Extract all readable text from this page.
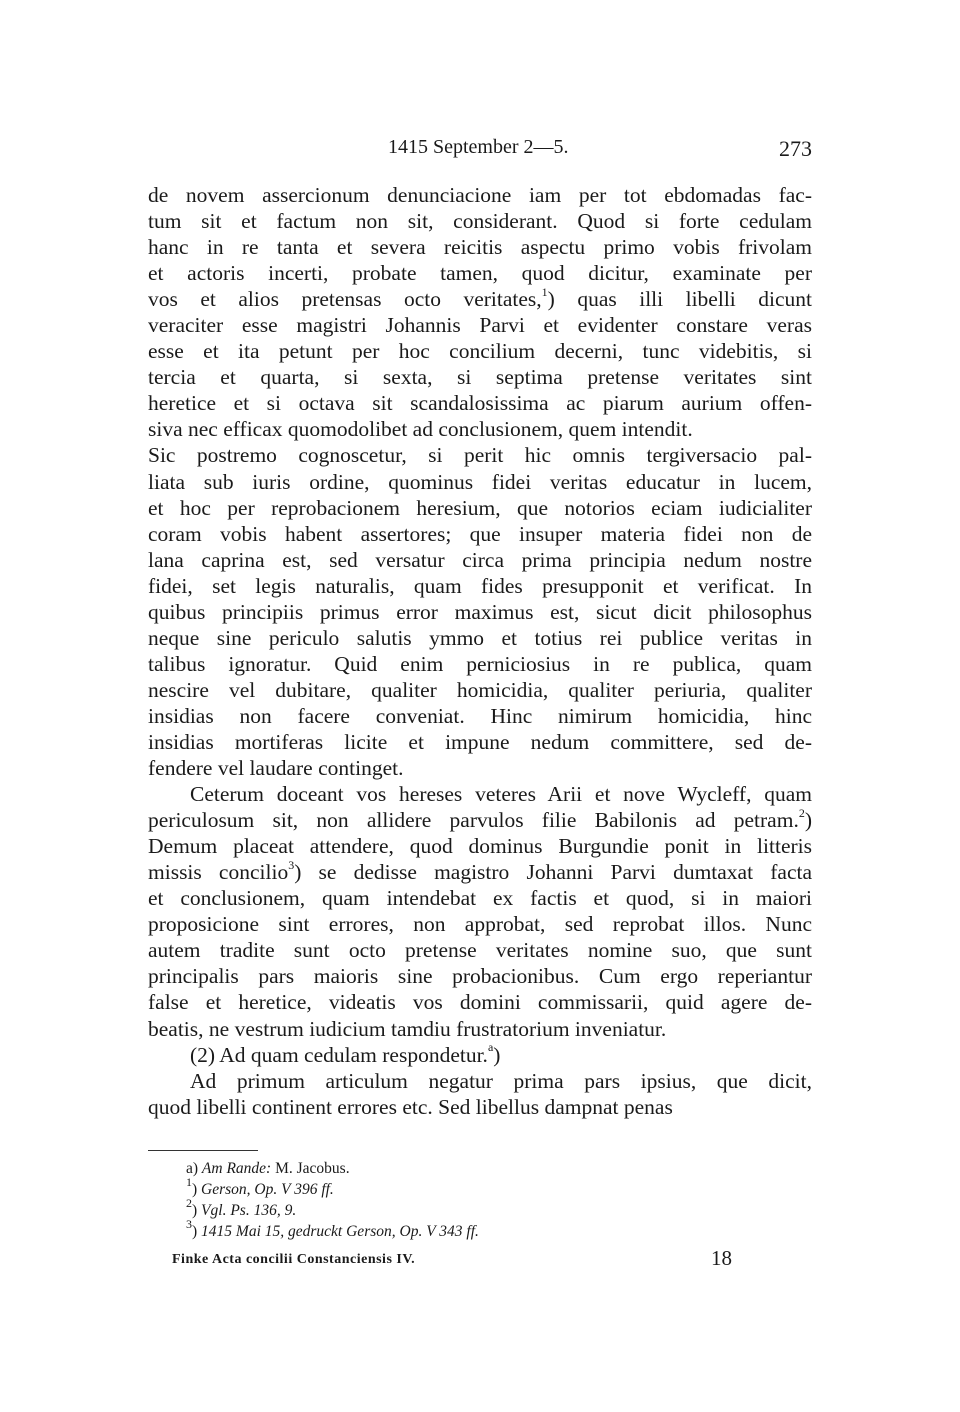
1415 September 2—5.	273
de novem assercionum denunciacione iam per tot ebdomadas fac-
tum sit et factum non sit, considerant. Quod si forte cedulam
hanc in re tanta et severa reicitis aspectu primo vobis frivolam
et actoris incerti, probate tamen, quod dicitur, examinate per
vos et alios pretensas octo veritates,$^1$) quas illi libelli dicunt
veraciter esse magistri Johannis Parvi et evidenter constare veras
esse et ita petunt per hoc concilium decerni, tunc videbitis, si
tercia et quarta, si sexta, si septima pretense veritates sint
heretice et si octava sit scandalosissima ac piarum aurium offen-
siva nec efficax quomodolibet ad conclusionem, quem intendit.
Sic postremo cognoscetur, si perit hic omnis tergiversacio pal-
liata sub iuris ordine, quominus fidei veritas educatur in lucem,
et hoc per reprobacionem heresium, que notorios eciam iudicialiter
coram vobis habent assertores; que insuper materia fidei non de
lana caprina est, sed versatur circa prima principia nedum nostre
fidei, set legis naturalis, quam fides presupponit et verificat. In
quibus principiis primus error maximus est, sicut dicit philosophus
neque sine periculo salutis ymmo et totius rei publice veritas in
talibus ignoratur. Quid enim perniciosius in re publica, quam
nescire vel dubitare, qualiter homicidia, qualiter periuria, qualiter
insidias non facere conveniat. Hinc nimirum homicidia, hinc
insidias mortiferas licite et impune nedum committere, sed de-
fendere vel laudare continget.
Ceterum doceant vos hereses veteres Arii et nove Wycleff, quam
periculosum sit, non allidere parvulos filie Babilonis ad petram.$^2$)
Demum placeat attendere, quod dominus Burgundie ponit in litteris
missis concilio$^3$) se dedisse magistro Johanni Parvi dumtaxat facta
et conclusionem, quam intendebat ex factis et quod, si in maiori
proposicione sint errores, non approbat, sed reprobat illos. Nunc
autem tradite sunt octo pretense veritates nomine suo, que sunt
principalis pars maioris sine probacionibus. Cum ergo reperiantur
false et heretice, videatis vos domini commissarii, quid agere de-
beatis, ne vestrum iudicium tamdiu frustratorium inveniatur.
(2) Ad quam cedulam respondetur.$^a$)
Ad primum articulum negatur prima pars ipsius, que dicit,
quod libelli continent errores etc. Sed libellus dampnat penas
a) Am Rande: M. Jacobus.
$^1$) Gerson, Op. V 396 ff.
$^2$) Vgl. Ps. 136, 9.
$^3$) 1415 Mai 15, gedruckt Gerson, Op. V 343 ff.
Finke Acta concilii Constanciensis IV.	18
